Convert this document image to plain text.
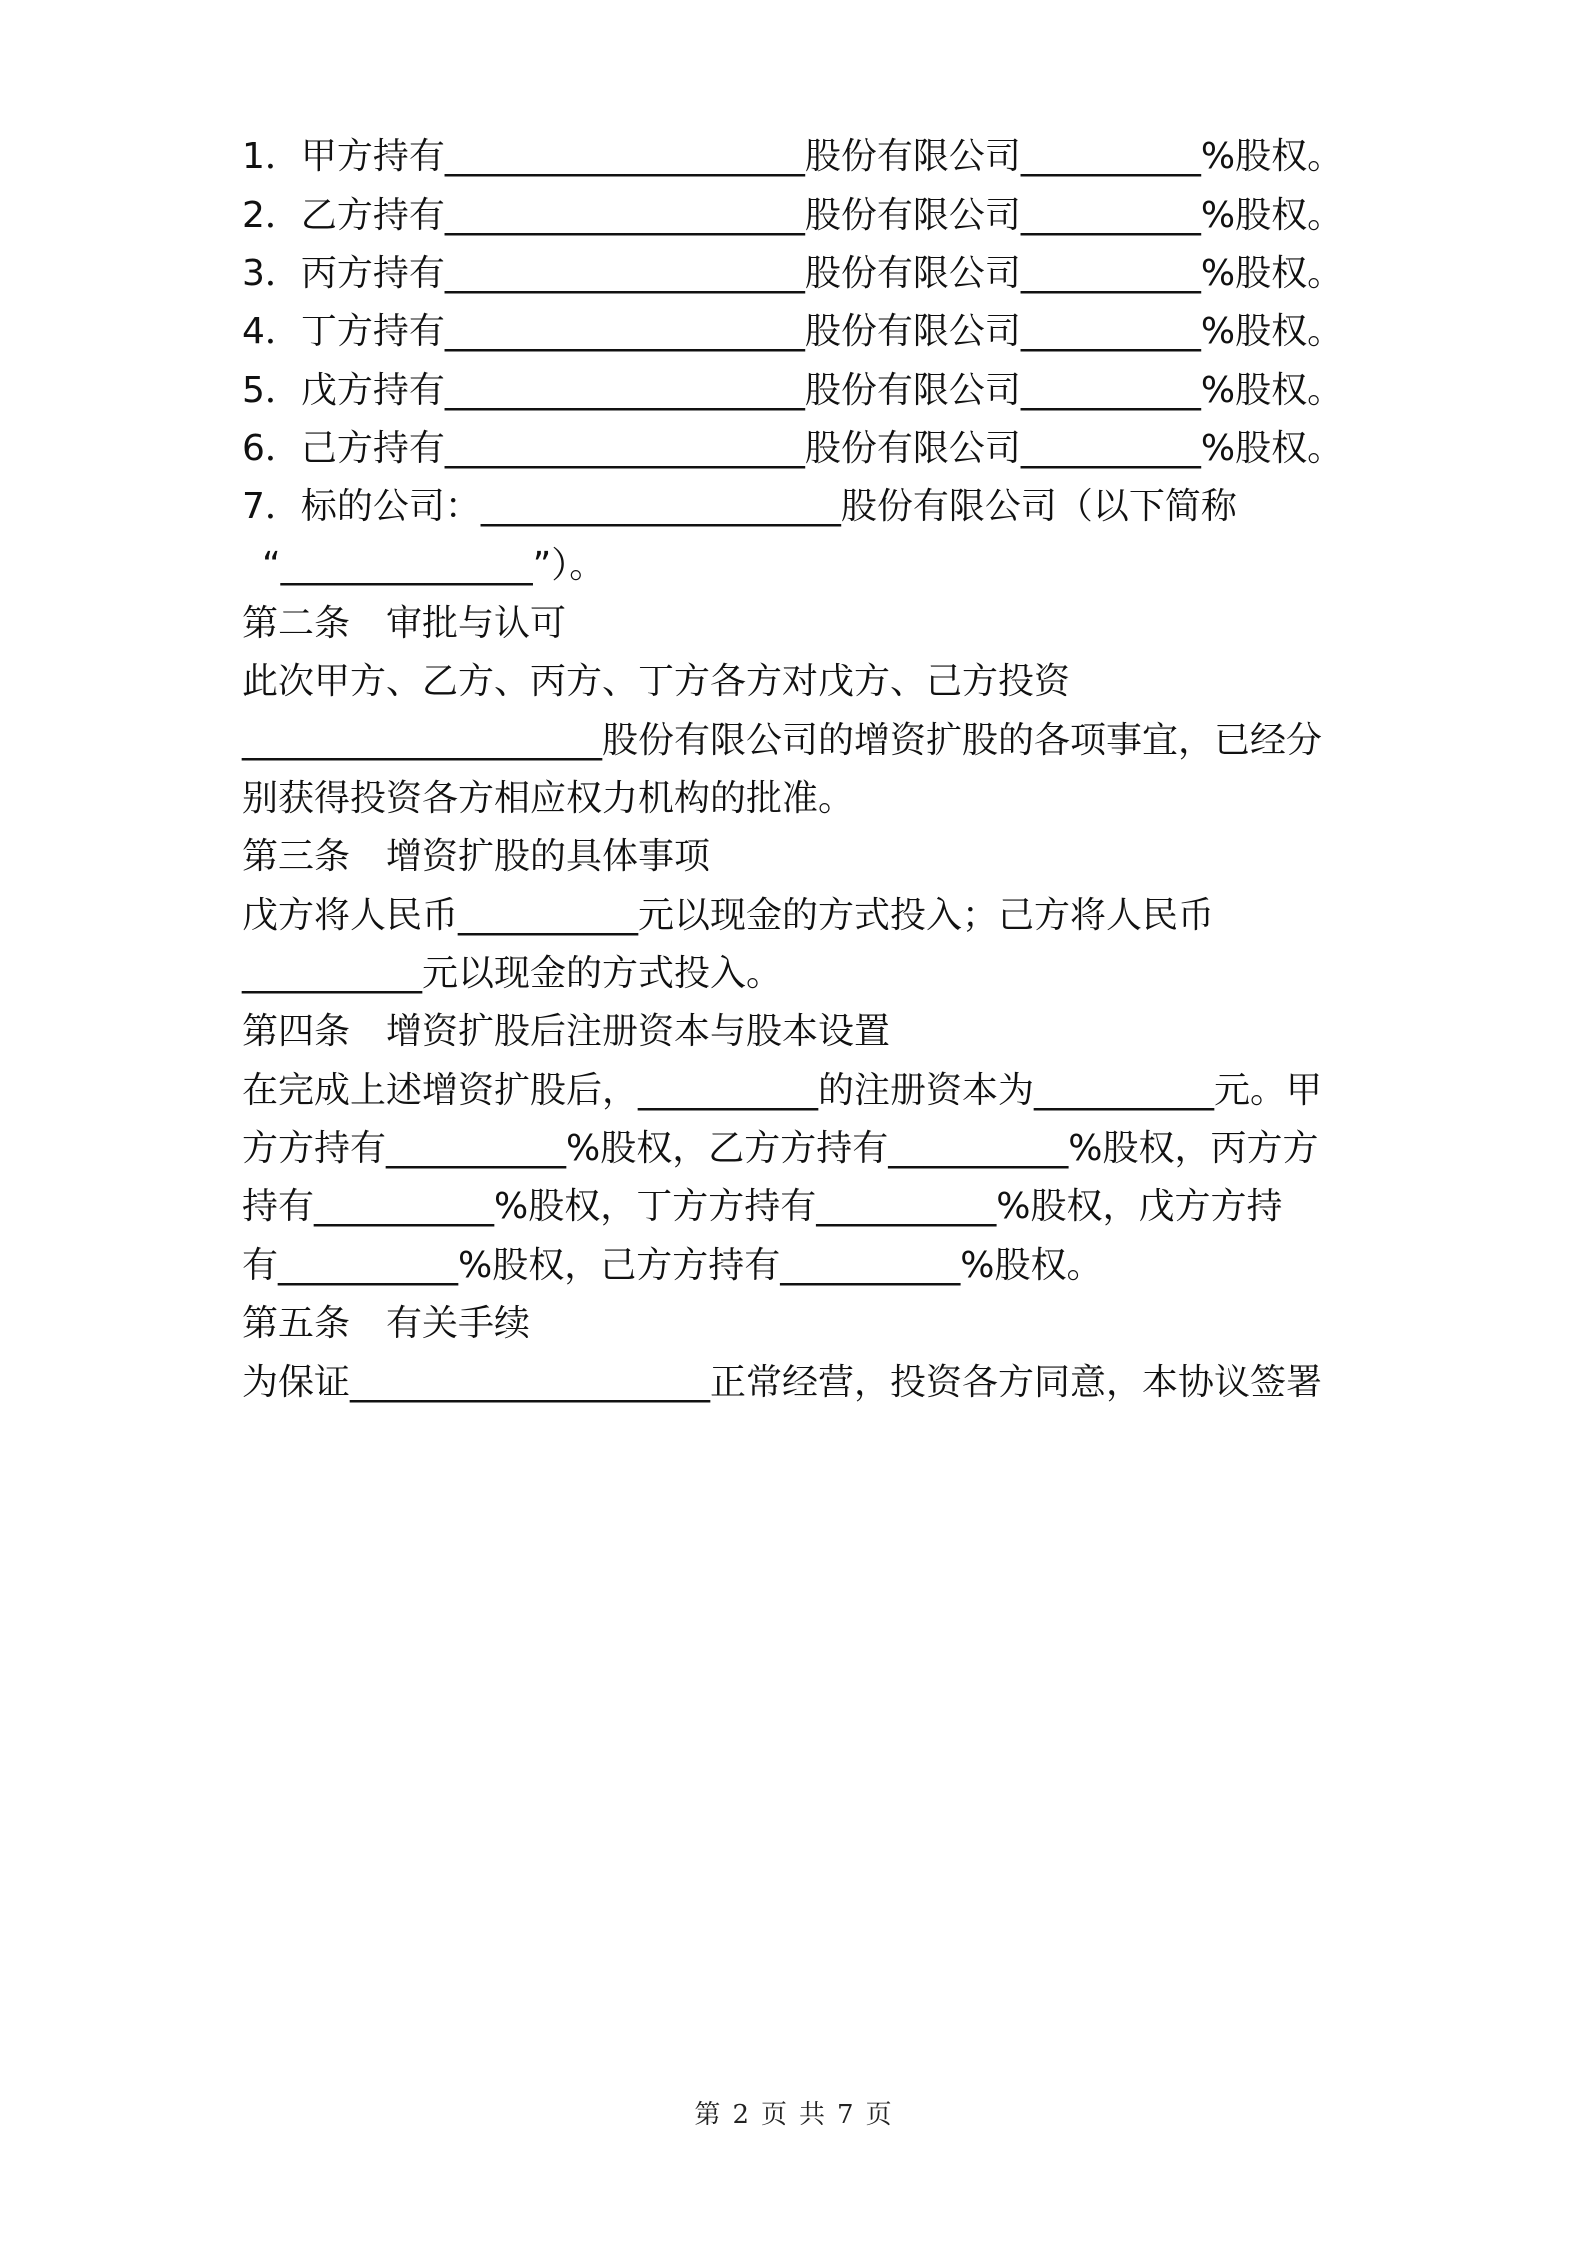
1．甲方持有____________________股份有限公司__________%股权。
2．乙方持有____________________股份有限公司__________%股权。
3．丙方持有____________________股份有限公司__________%股权。
4．丁方持有____________________股份有限公司__________%股权。
5．戊方持有____________________股份有限公司__________%股权。
6．己方持有____________________股份有限公司__________%股权。
7．标的公司：____________________股份有限公司（以下简称
“______________”）。
第二条　审批与认可
此次甲方、乙方、丙方、丁方各方对戊方、己方投资
____________________股份有限公司的增资扩股的各项事宜，已经分
别获得投资各方相应权力机构的批准。
第三条　增资扩股的具体事项
戊方将人民币__________元以现金的方式投入；己方将人民币
__________元以现金的方式投入。
第四条　增资扩股后注册资本与股本设置
在完成上述增资扩股后，__________的注册资本为__________元。甲
方方持有__________%股权，乙方方持有__________%股权，丙方方
持有__________%股权，丁方方持有__________%股权，戊方方持
有__________%股权，己方方持有__________%股权。
第五条　有关手续
为保证____________________正常经营，投资各方同意，本协议签署
第 2 页 共 7 页
